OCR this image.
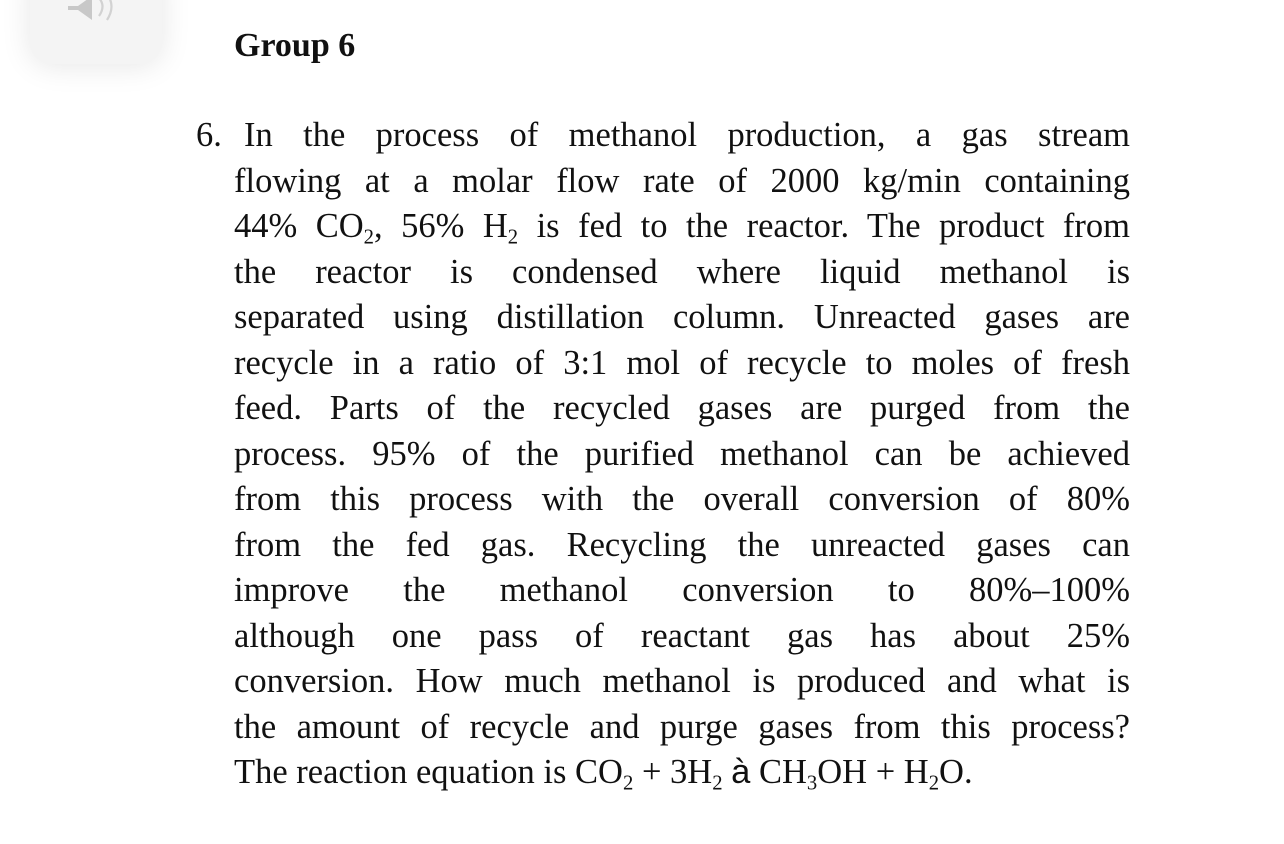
Group 6
6. In the process of methanol production, a gas stream
flowing at a molar flow rate of 2000 kg/min containing
44% $CO_2$, 56% $H_2$ is fed to the reactor. The product from
the reactor is condensed where liquid methanol is
separated using distillation column. Unreacted gases are
recycle in a ratio of 3:1 mol of recycle to moles of fresh
feed. Parts of the recycled gases are purged from the
process. 95% of the purified methanol can be achieved
from this process with the overall conversion of 80%
from the fed gas. Recycling the unreacted gases can
improve the methanol conversion to 80%–100%
although one pass of reactant gas has about 25%
conversion. How much methanol is produced and what is
the amount of recycle and purge gases from this process?
The reaction equation is $CO_2 + 3H_2$ à $CH_3OH + H_2O$.
